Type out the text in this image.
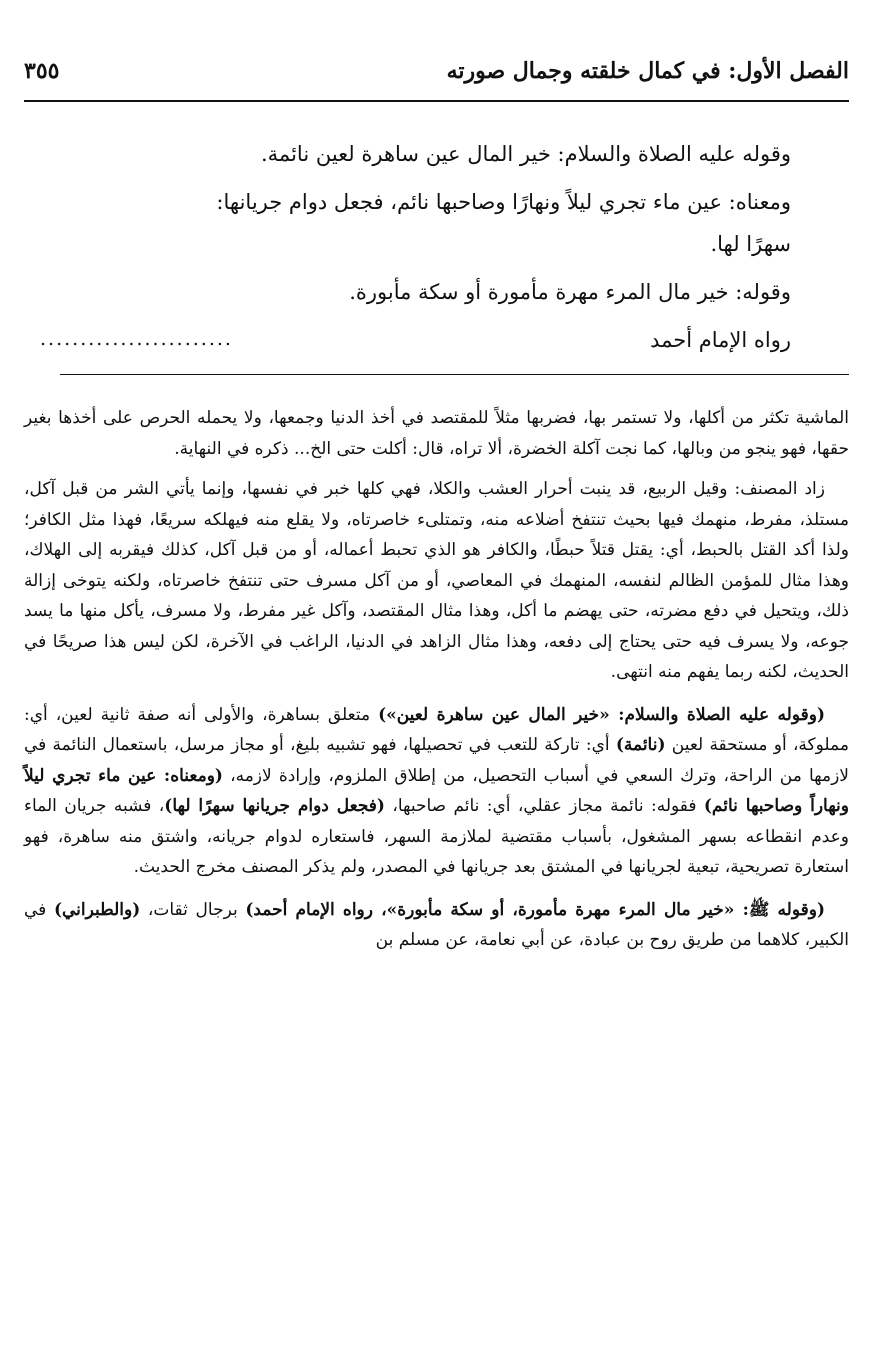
الفصل الأول: في كمال خلقته وجمال صورته
٣٥٥

وقوله عليه الصلاة والسلام: خير المال عين ساهرة لعين نائمة.

ومعناه: عين ماء تجري ليلاً ونهارًا وصاحبها نائم، فجعل دوام جريانها:

سهرًا لها.

وقوله: خير مال المرء مهرة مأمورة أو سكة مأبورة.

رواه الإمام أحمد

........................

الماشية تكثر من أكلها، ولا تستمر بها، فضربها مثلاً للمقتصد في أخذ الدنيا وجمعها، ولا يحمله الحرص على أخذها بغير حقها، فهو ينجو من وبالها، كما نجت آكلة الخضرة، ألا تراه، قال: أكلت حتى الخ... ذكره في النهاية.

زاد المصنف: وقيل الربيع، قد ينبت أحرار العشب والكلا، فهي كلها خبر في نفسها، وإنما يأتي الشر من قبل آكل، مستلذ، مفرط، منهمك فيها بحيث تنتفخ أضلاعه منه، وتمتلىء خاصرتاه، ولا يقلع منه فيهلكه سريعًا، فهذا مثل الكافر؛ ولذا أكد القتل بالحبط، أي: يقتل قتلاً حبطًا، والكافر هو الذي تحبط أعماله، أو من قبل آكل، كذلك فيقربه إلى الهلاك، وهذا مثال للمؤمن الظالم لنفسه، المنهمك في المعاصي، أو من آكل مسرف حتى تنتفخ خاصرتاه، ولكنه يتوخى إزالة ذلك، ويتحيل في دفع مضرته، حتى يهضم ما أكل، وهذا مثال المقتصد، وآكل غير مفرط، ولا مسرف، يأكل منها ما يسد جوعه، ولا يسرف فيه حتى يحتاج إلى دفعه، وهذا مثال الزاهد في الدنيا، الراغب في الآخرة، لكن ليس هذا صريحًا في الحديث، لكنه ربما يفهم منه انتهى.

(وقوله عليه الصلاة والسلام: «خير المال عين ساهرة لعين») متعلق بساهرة، والأولى أنه صفة ثانية لعين، أي: مملوكة، أو مستحقة لعين (نائمة) أي: تاركة للتعب في تحصيلها، فهو تشبيه بليغ، أو مجاز مرسل، باستعمال النائمة في لازمها من الراحة، وترك السعي في أسباب التحصيل، من إطلاق الملزوم، وإرادة لازمه، (ومعناه: عين ماء تجري ليلاً ونهاراً وصاحبها نائم) فقوله: نائمة مجاز عقلي، أي: نائم صاحبها، (فجعل دوام جريانها سهرًا لها)، فشبه جريان الماء وعدم انقطاعه بسهر المشغول، بأسباب مقتضية لملازمة السهر، فاستعاره لدوام جريانه، واشتق منه ساهرة، فهو استعارة تصريحية، تبعية لجريانها في المشتق بعد جريانها في المصدر، ولم يذكر المصنف مخرج الحديث.

(وقوله ﷺ: «خير مال المرء مهرة مأمورة، أو سكة مأبورة»، رواه الإمام أحمد) برجال ثقات، (والطبراني) في الكبير، كلاهما من طريق روح بن عبادة، عن أبي نعامة، عن مسلم بن
